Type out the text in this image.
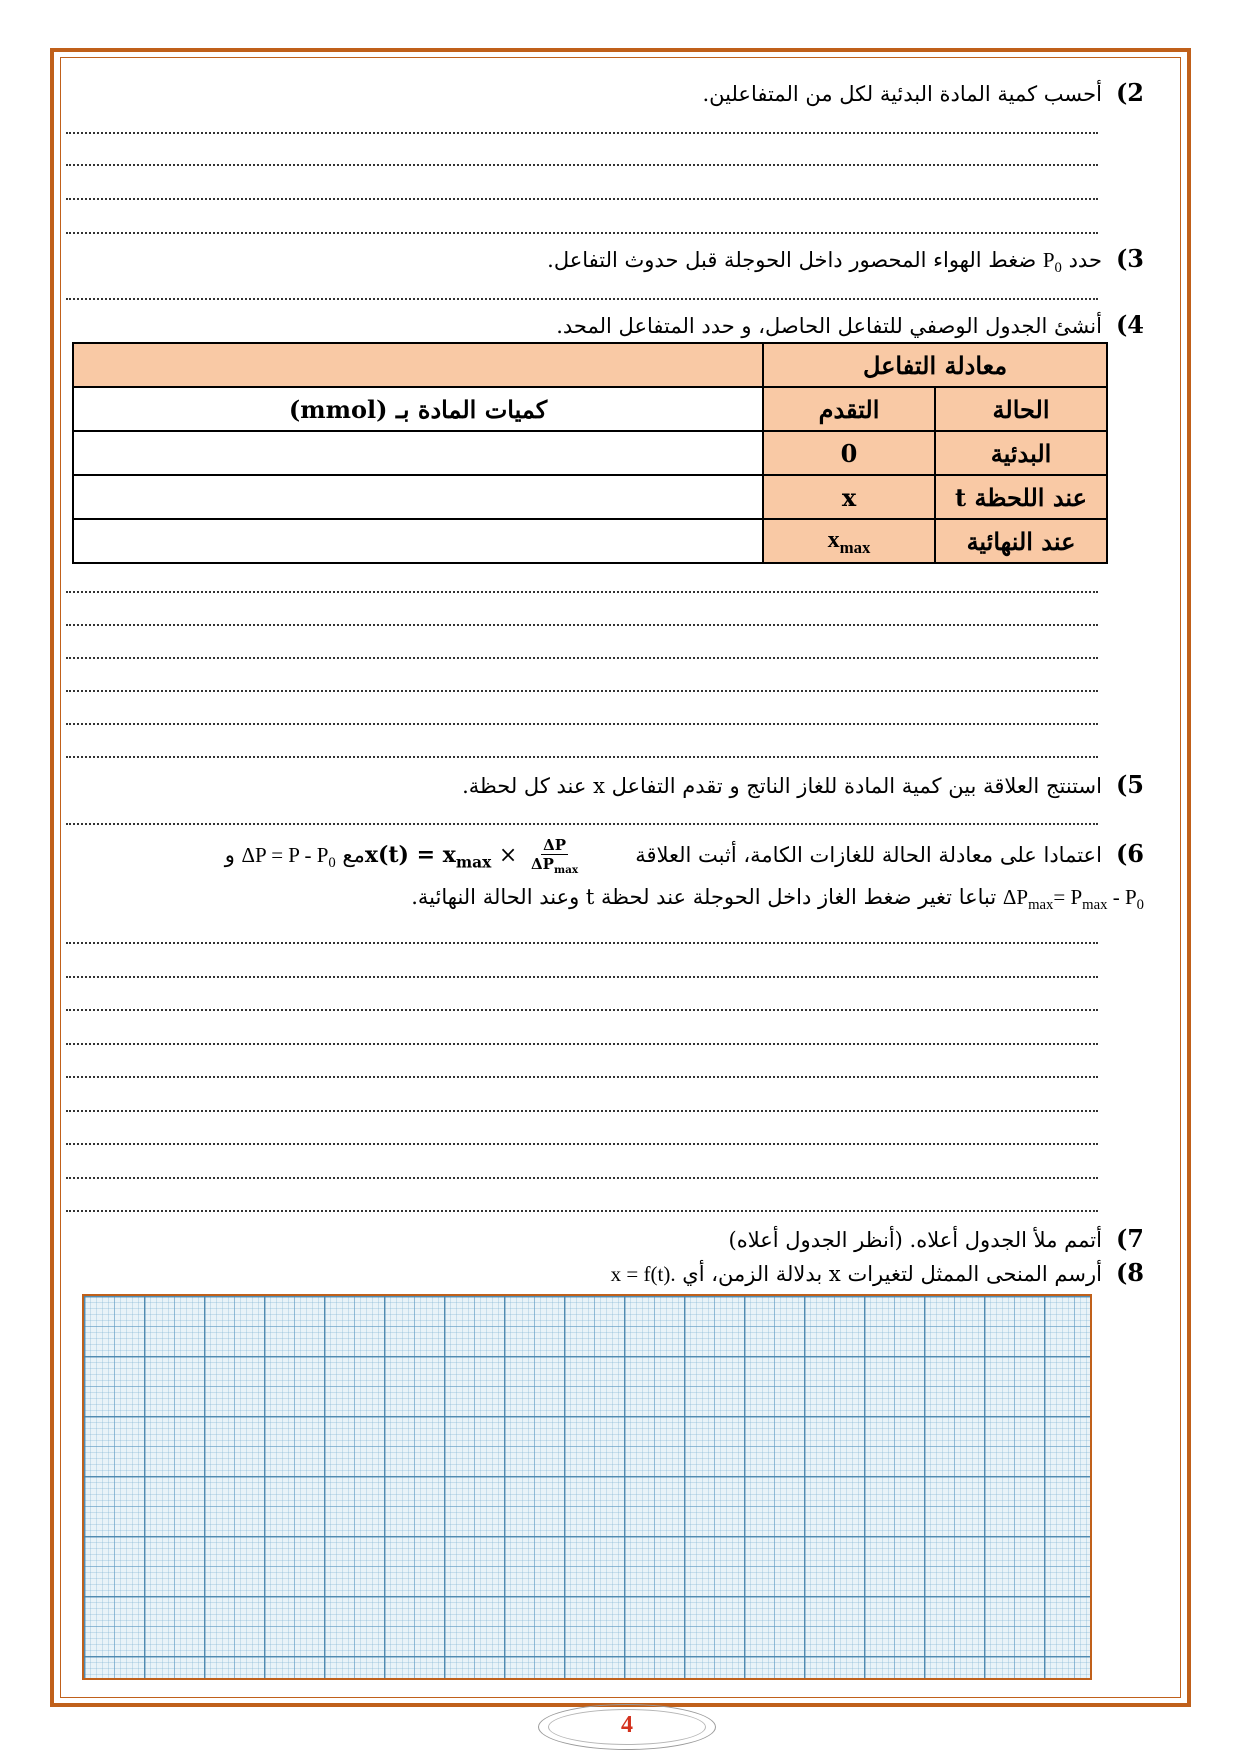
(2
أحسب كمية المادة البدئية لكل من المتفاعلين.
(3
حدد $P_0$ ضغط الهواء المحصور داخل الحوجلة قبل حدوث التفاعل.
(4
أنشئ الجدول الوصفي للتفاعل الحاصل، و حدد المتفاعل المحد.
معادلة التفاعل		
الحالة	التقدم	كميات المادة بـ (mmol)
البدئية	0	
عند اللحظة t	x	
عند النهائية	$x_{max}$	
(5
استنتج العلاقة بين كمية المادة للغاز الناتج و تقدم التفاعل x عند كل لحظة.
(6
اعتمادا على معادلة الحالة للغازات الكامة، أثبت العلاقة  $x(t) = x_{max} \times \frac{\Delta P}{\Delta P_{max}}$
مع $\Delta P = P - P_0$ و
$\Delta P_{max}= P_{max} - P_0$ تباعا تغير ضغط الغاز داخل الحوجلة عند لحظة t وعند الحالة النهائية.
(7
أتمم ملأ الجدول أعلاه. (أنظر الجدول أعلاه)
(8
أرسم المنحى الممثل لتغيرات x بدلالة الزمن، أي x = f(t).
4
